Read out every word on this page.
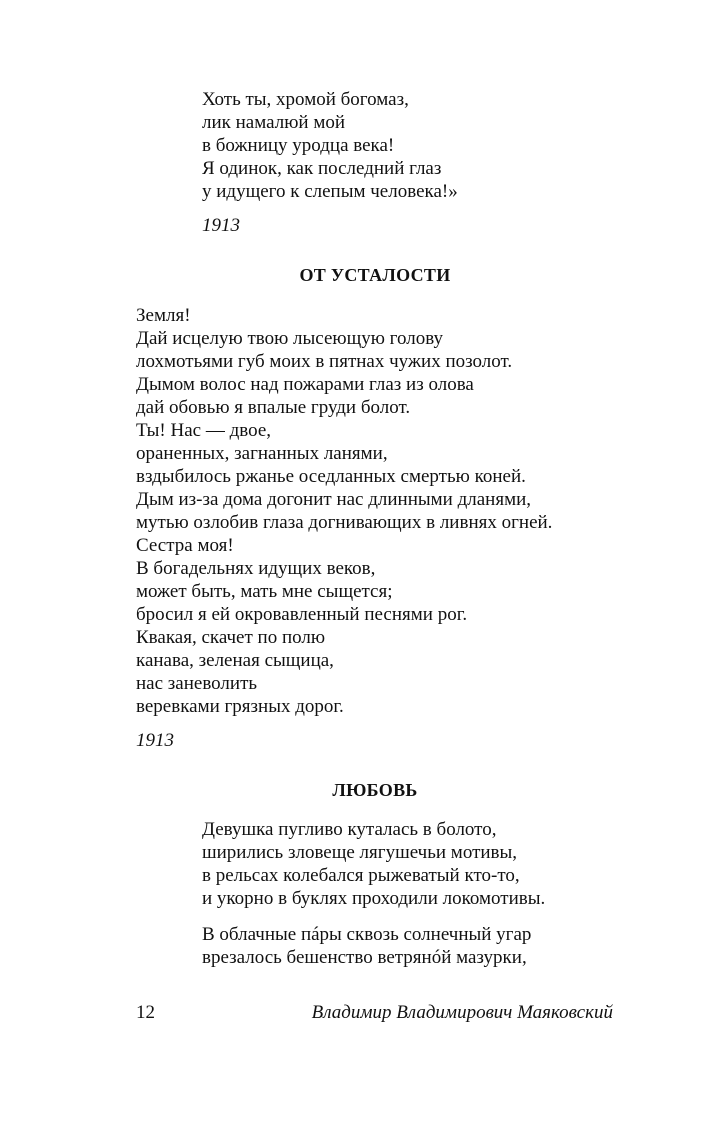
Хоть ты, хромой богомаз,
лик намалюй мой
в божницу уродца века!
Я одинок, как последний глаз
у идущего к слепым человека!»
1913
ОТ УСТАЛОСТИ
Земля!
Дай исцелую твою лысеющую голову
лохмотьями губ моих в пятнах чужих позолот.
Дымом волос над пожарами глаз из олова
дай обовью я впалые груди болот.
Ты! Нас — двое,
ораненных, загнанных ланями,
вздыбилось ржанье оседланных смертью коней.
Дым из-за дома догонит нас длинными дланями,
мутью озлобив глаза догнивающих в ливнях огней.
Сестра моя!
В богадельнях идущих веков,
может быть, мать мне сыщется;
бросил я ей окровавленный песнями рог.
Квакая, скачет по полю
канава, зеленая сыщица,
нас заневолить
веревками грязных дорог.
1913
ЛЮБОВЬ
Девушка пугливо куталась в болото,
ширились зловеще лягушечьи мотивы,
в рельсах колебался рыжеватый кто-то,
и укорно в буклях проходили локомотивы.
В облачные пáры сквозь солнечный угар
врезалось бешенство ветрянóй мазурки,
12	Владимир Владимирович Маяковский
